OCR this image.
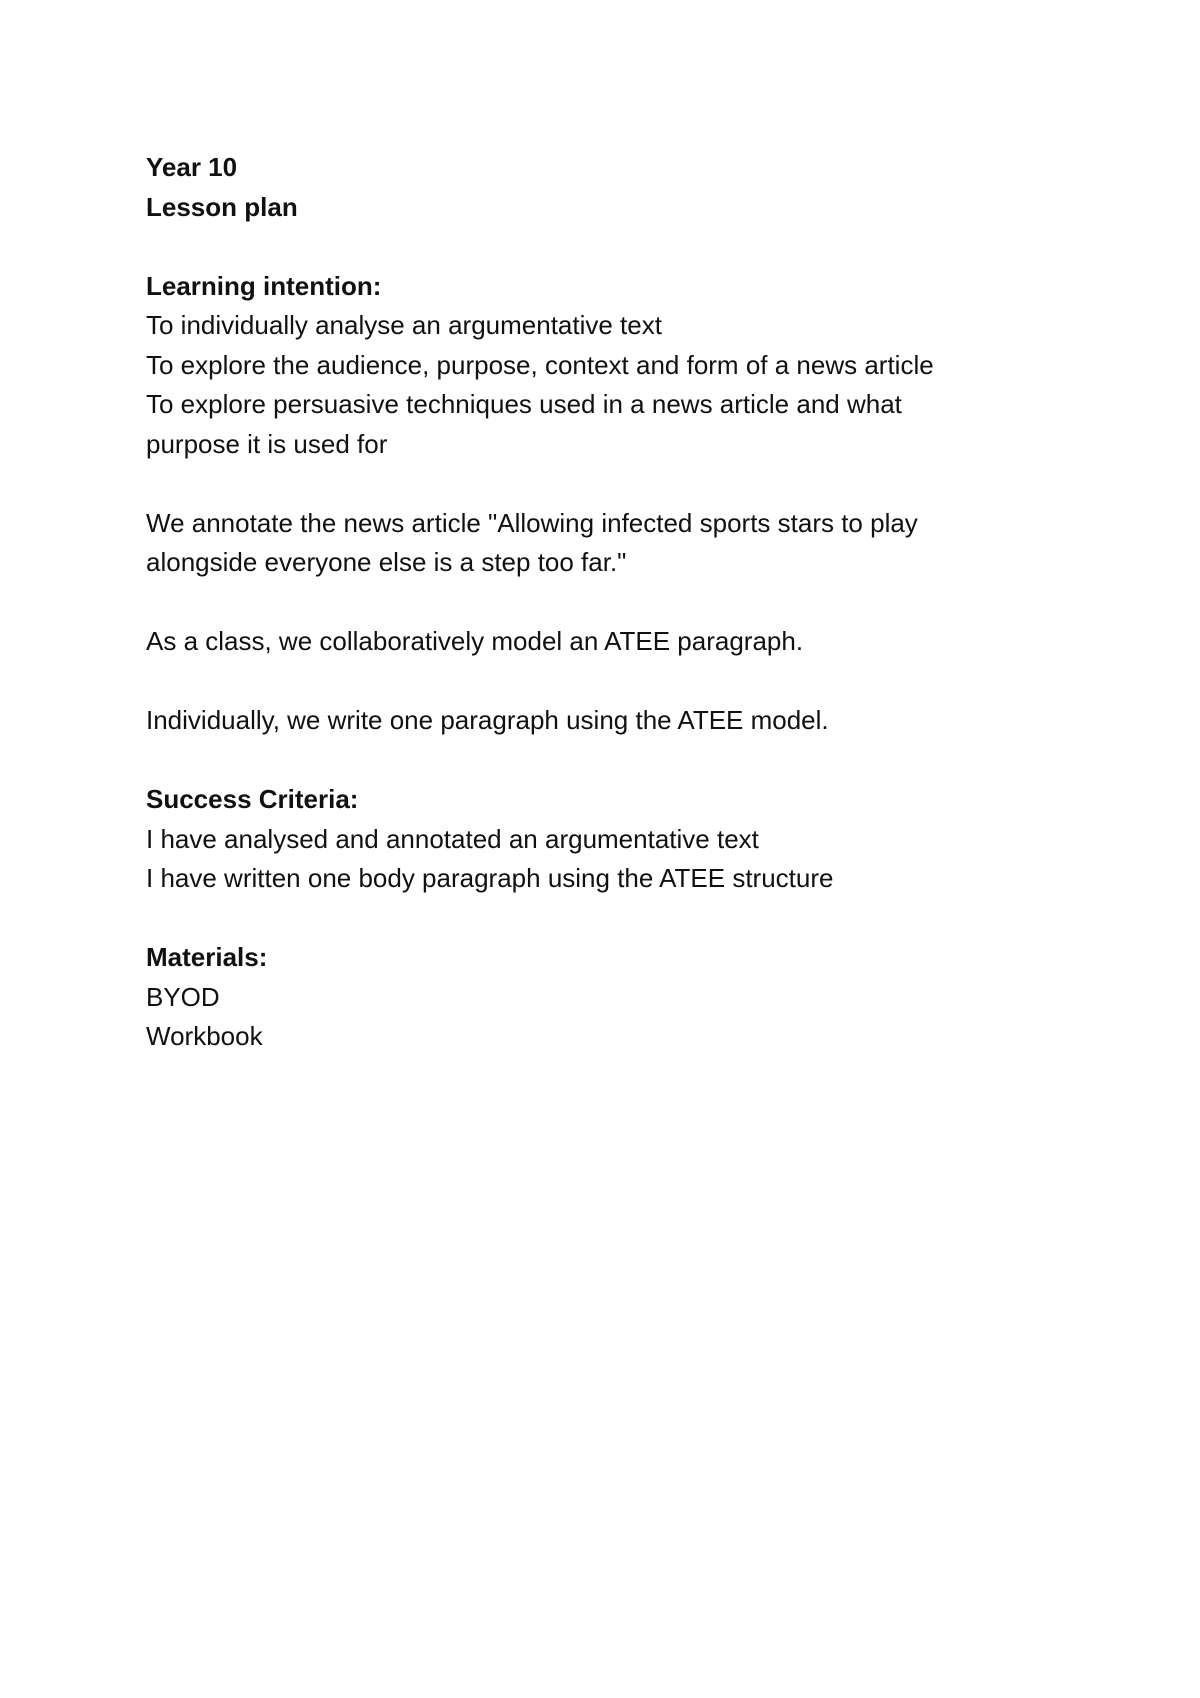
Year 10
Lesson plan
Learning intention:
To individually analyse an argumentative text
To explore the audience, purpose, context and form of a news article
To explore persuasive techniques used in a news article and what
purpose it is used for
We annotate the news article "Allowing infected sports stars to play
alongside everyone else is a step too far."
As a class, we collaboratively model an ATEE paragraph.
Individually, we write one paragraph using the ATEE model.
Success Criteria:
I have analysed and annotated an argumentative text
I have written one body paragraph using the ATEE structure
Materials:
BYOD
Workbook
